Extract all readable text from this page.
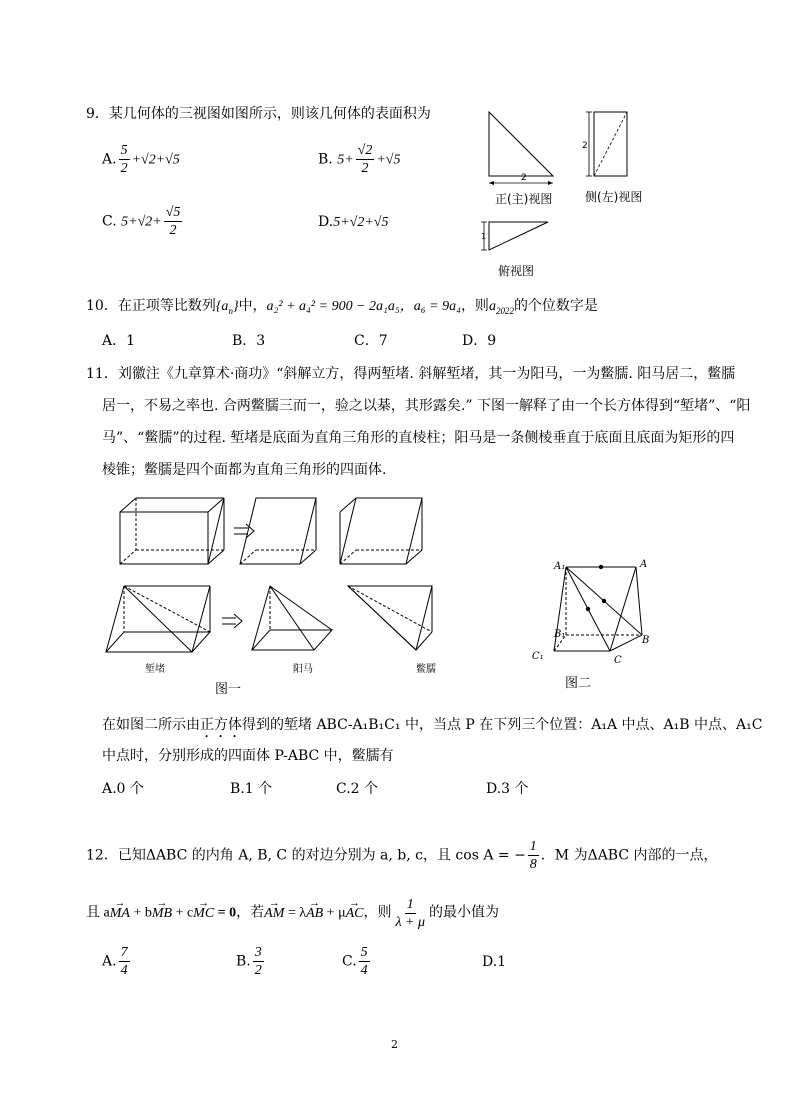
9．某几何体的三视图如图所示，则该几何体的表面积为
A. $\frac{5}{2} +√2+√5$	B. $5+ \frac{√2}{2} +√5$
C. $5+√2+ \frac{√5}{2}$	D.5+√2+√5
2
2
1
正(主)视图	侧(左)视图
俯视图
10．在正项等比数列$\{a_n\}$中，a₂² + a₄² = 900 − 2a₁a₅，a₆ = 9a₄，则$a_{2022}$的个位数字是
A．1	B．3	C．7	D．9
11．刘徽注《九章算术·商功》“斜解立方，得两堑堵. 斜解堑堵，其一为阳马，一为鳖臑. 阳马居二，鳖臑
居一，不易之率也. 合两鳖臑三而一，验之以棊，其形露矣.” 下图一解释了由一个长方体得到“堑堵”、“阳
马”、“鳖臑”的过程. 堑堵是底面为直角三角形的直棱柱；阳马是一条侧棱垂直于底面且底面为矩形的四
棱锥；鳖臑是四个面都为直角三角形的四面体.
堑堵	阳马	鳖臑
图一
A₁	A
B₁
B
C₁	C
图二
在如图二所示由正方体得到的堑堵 ABC-A₁B₁C₁ 中，当点 P 在下列三个位置：A₁A 中点、A₁B 中点、A₁C
中点时，分别形成的四面体 P-ABC 中，鳖臑有
A.0 个	B.1 个	C.2 个	D.3 个
12．已知ΔABC 的内角 A, B, C 的对边分别为 a, b, c，且 cos A = − $\frac{1}{8}$ ．M 为ΔABC 内部的一点，
且 a→ MA + b→ MB + c→ MC = 0，若→ AM = λ→ AB + μ→ AC，则 $\frac{1}{\lambda + \mu}$ 的最小值为
A. $\frac{7}{4}$	B. $\frac{3}{2}$	C. $\frac{5}{4}$	D.1
2
